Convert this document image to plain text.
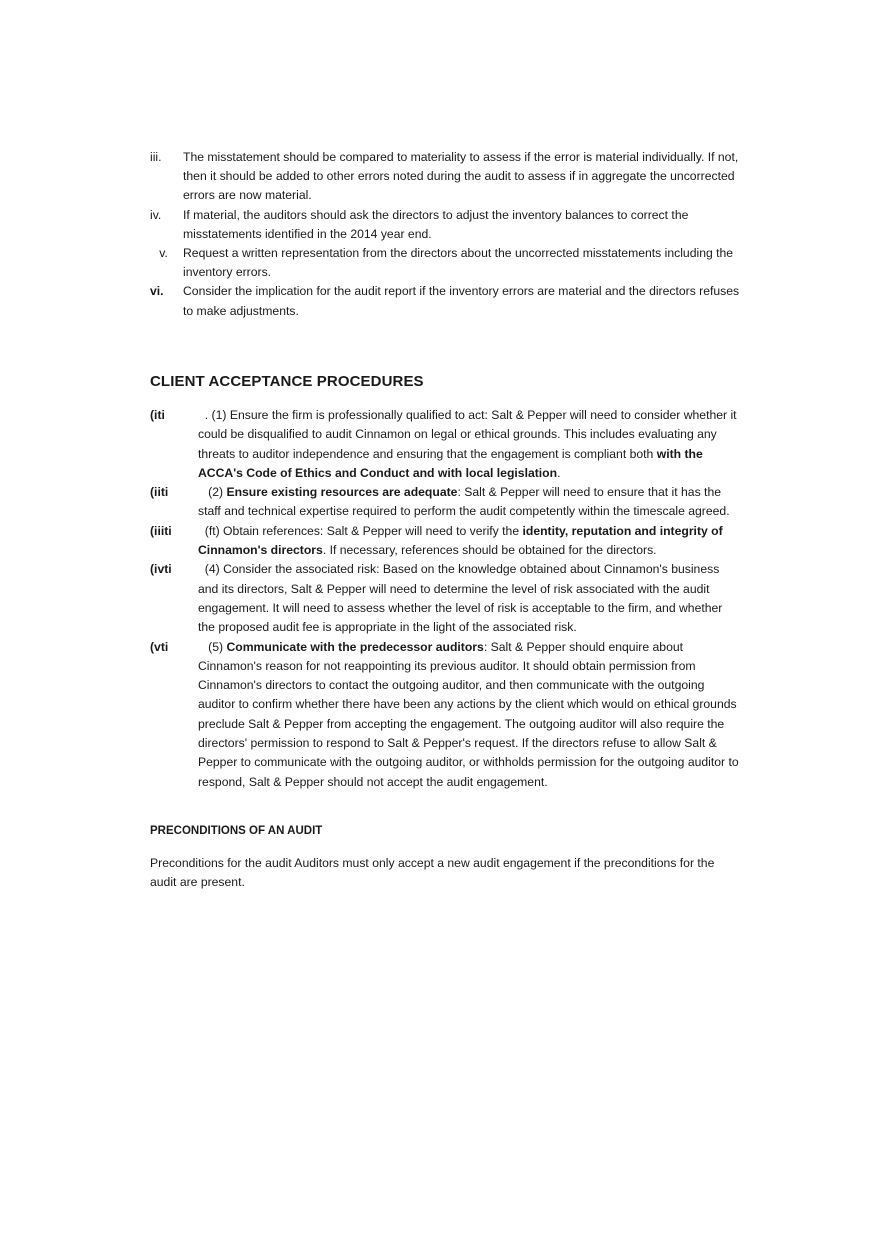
iii.	The misstatement should be compared to materiality to assess if the error is material individually. If not, then it should be added to other errors noted during the audit to assess if in aggregate the uncorrected errors are now material.
iv.	If material, the auditors should ask the directors to adjust the inventory balances to correct the misstatements identified in the 2014 year end.
v.	Request a written representation from the directors about the uncorrected misstatements including the inventory errors.
vi.	Consider the implication for the audit report if the inventory errors are material and the directors refuses to make adjustments.
CLIENT ACCEPTANCE PROCEDURES
(iti	. (1) Ensure the firm is professionally qualified to act: Salt & Pepper will need to consider whether it could be disqualified to audit Cinnamon on legal or ethical grounds. This includes evaluating any threats to auditor independence and ensuring that the engagement is compliant both with the ACCA's Code of Ethics and Conduct and with local legislation.
(iiti	(2) Ensure existing resources are adequate: Salt & Pepper will need to ensure that it has the staff and technical expertise required to perform the audit competently within the timescale agreed.
(iiiti	(ft) Obtain references: Salt & Pepper will need to verify the identity, reputation and integrity of Cinnamon's directors. If necessary, references should be obtained for the directors.
(ivti	(4) Consider the associated risk: Based on the knowledge obtained about Cinnamon's business and its directors, Salt & Pepper will need to determine the level of risk associated with the audit engagement. It will need to assess whether the level of risk is acceptable to the firm, and whether the proposed audit fee is appropriate in the light of the associated risk.
(vti	(5) Communicate with the predecessor auditors: Salt & Pepper should enquire about Cinnamon's reason for not reappointing its previous auditor. It should obtain permission from Cinnamon's directors to contact the outgoing auditor, and then communicate with the outgoing auditor to confirm whether there have been any actions by the client which would on ethical grounds preclude Salt & Pepper from accepting the engagement. The outgoing auditor will also require the directors' permission to respond to Salt & Pepper's request. If the directors refuse to allow Salt & Pepper to communicate with the outgoing auditor, or withholds permission for the outgoing auditor to respond, Salt & Pepper should not accept the audit engagement.
PRECONDITIONS OF AN AUDIT
Preconditions for the audit Auditors must only accept a new audit engagement if the preconditions for the audit are present.
